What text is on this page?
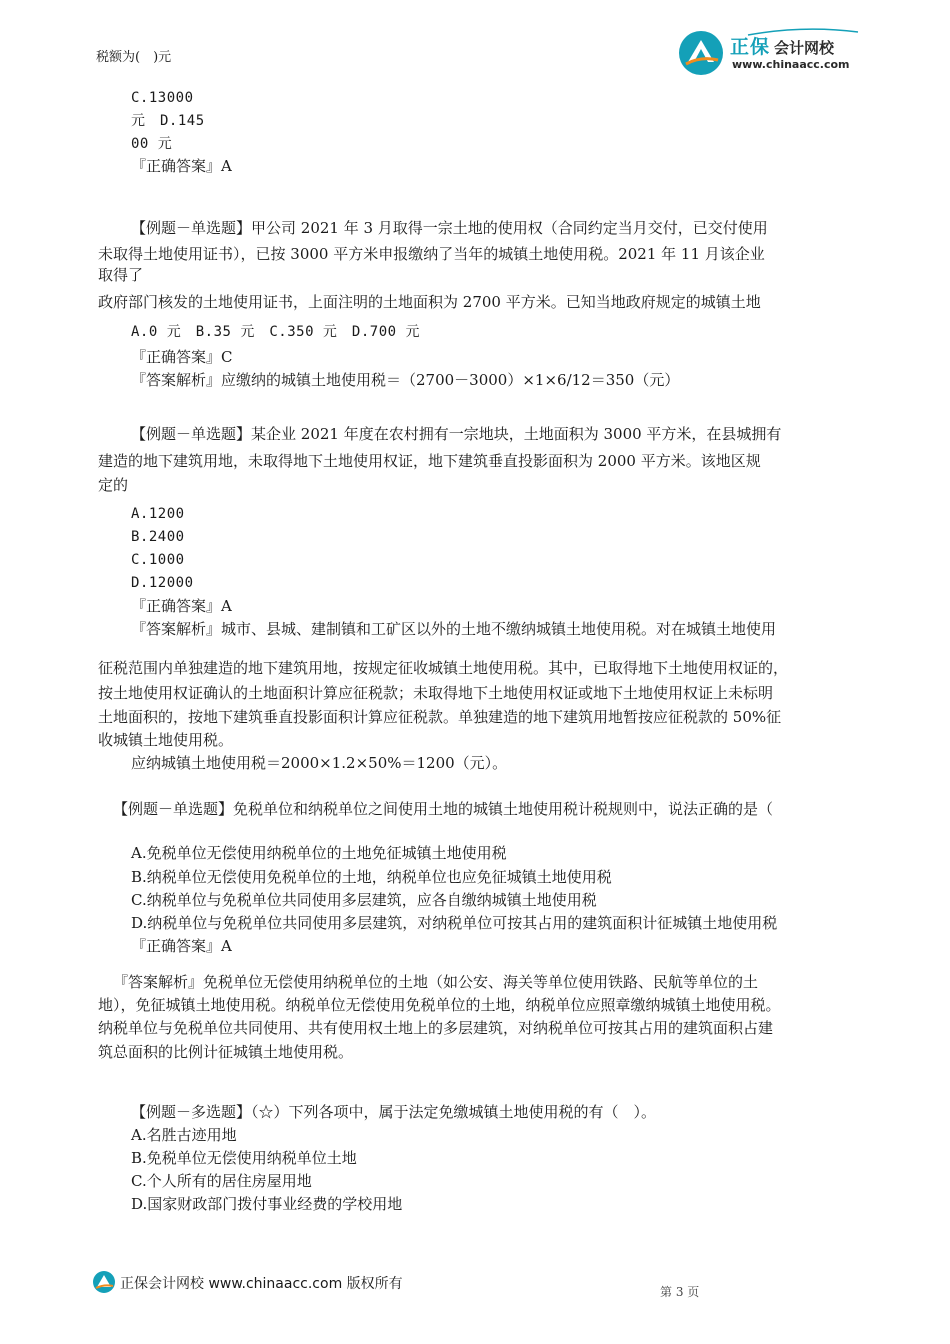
正保 会计网校
www.chinaacc.com
税额为(　)元
C.13000
元　D.145
00 元
『正确答案』A
【例题－单选题】甲公司 2021 年 3 月取得一宗土地的使用权（合同约定当月交付，已交付使用
未取得土地使用证书），已按 3000 平方米申报缴纳了当年的城镇土地使用税。2021 年 11 月该企业
取得了
政府部门核发的土地使用证书，上面注明的土地面积为 2700 平方米。已知当地政府规定的城镇土地
A.0 元　B.35 元　C.350 元　D.700 元
『正确答案』C
『答案解析』应缴纳的城镇土地使用税＝（2700－3000）×1×6/12＝350（元）
【例题－单选题】某企业 2021 年度在农村拥有一宗地块，土地面积为 3000 平方米，在县城拥有
建造的地下建筑用地，未取得地下土地使用权证，地下建筑垂直投影面积为 2000 平方米。该地区规
定的
A.1200
B.2400
C.1000
D.12000
『正确答案』A
『答案解析』城市、县城、建制镇和工矿区以外的土地不缴纳城镇土地使用税。对在城镇土地使用
征税范围内单独建造的地下建筑用地，按规定征收城镇土地使用税。其中，已取得地下土地使用权证的，
按土地使用权证确认的土地面积计算应征税款；未取得地下土地使用权证或地下土地使用权证上未标明
土地面积的，按地下建筑垂直投影面积计算应征税款。单独建造的地下建筑用地暂按应征税款的 50%征
收城镇土地使用税。
应纳城镇土地使用税＝2000×1.2×50%＝1200（元）。
【例题－单选题】免税单位和纳税单位之间使用土地的城镇土地使用税计税规则中，说法正确的是（
A.免税单位无偿使用纳税单位的土地免征城镇土地使用税
B.纳税单位无偿使用免税单位的土地，纳税单位也应免征城镇土地使用税
C.纳税单位与免税单位共同使用多层建筑，应各自缴纳城镇土地使用税
D.纳税单位与免税单位共同使用多层建筑，对纳税单位可按其占用的建筑面积计征城镇土地使用税
『正确答案』A
『答案解析』免税单位无偿使用纳税单位的土地（如公安、海关等单位使用铁路、民航等单位的土
地），免征城镇土地使用税。纳税单位无偿使用免税单位的土地，纳税单位应照章缴纳城镇土地使用税。
纳税单位与免税单位共同使用、共有使用权土地上的多层建筑，对纳税单位可按其占用的建筑面积占建
筑总面积的比例计征城镇土地使用税。
【例题－多选题】（☆）下列各项中，属于法定免缴城镇土地使用税的有（　）。
A.名胜古迹用地
B.免税单位无偿使用纳税单位土地
C.个人所有的居住房屋用地
D.国家财政部门拨付事业经费的学校用地
正保会计网校 www.chinaacc.com 版权所有	第 3 页
